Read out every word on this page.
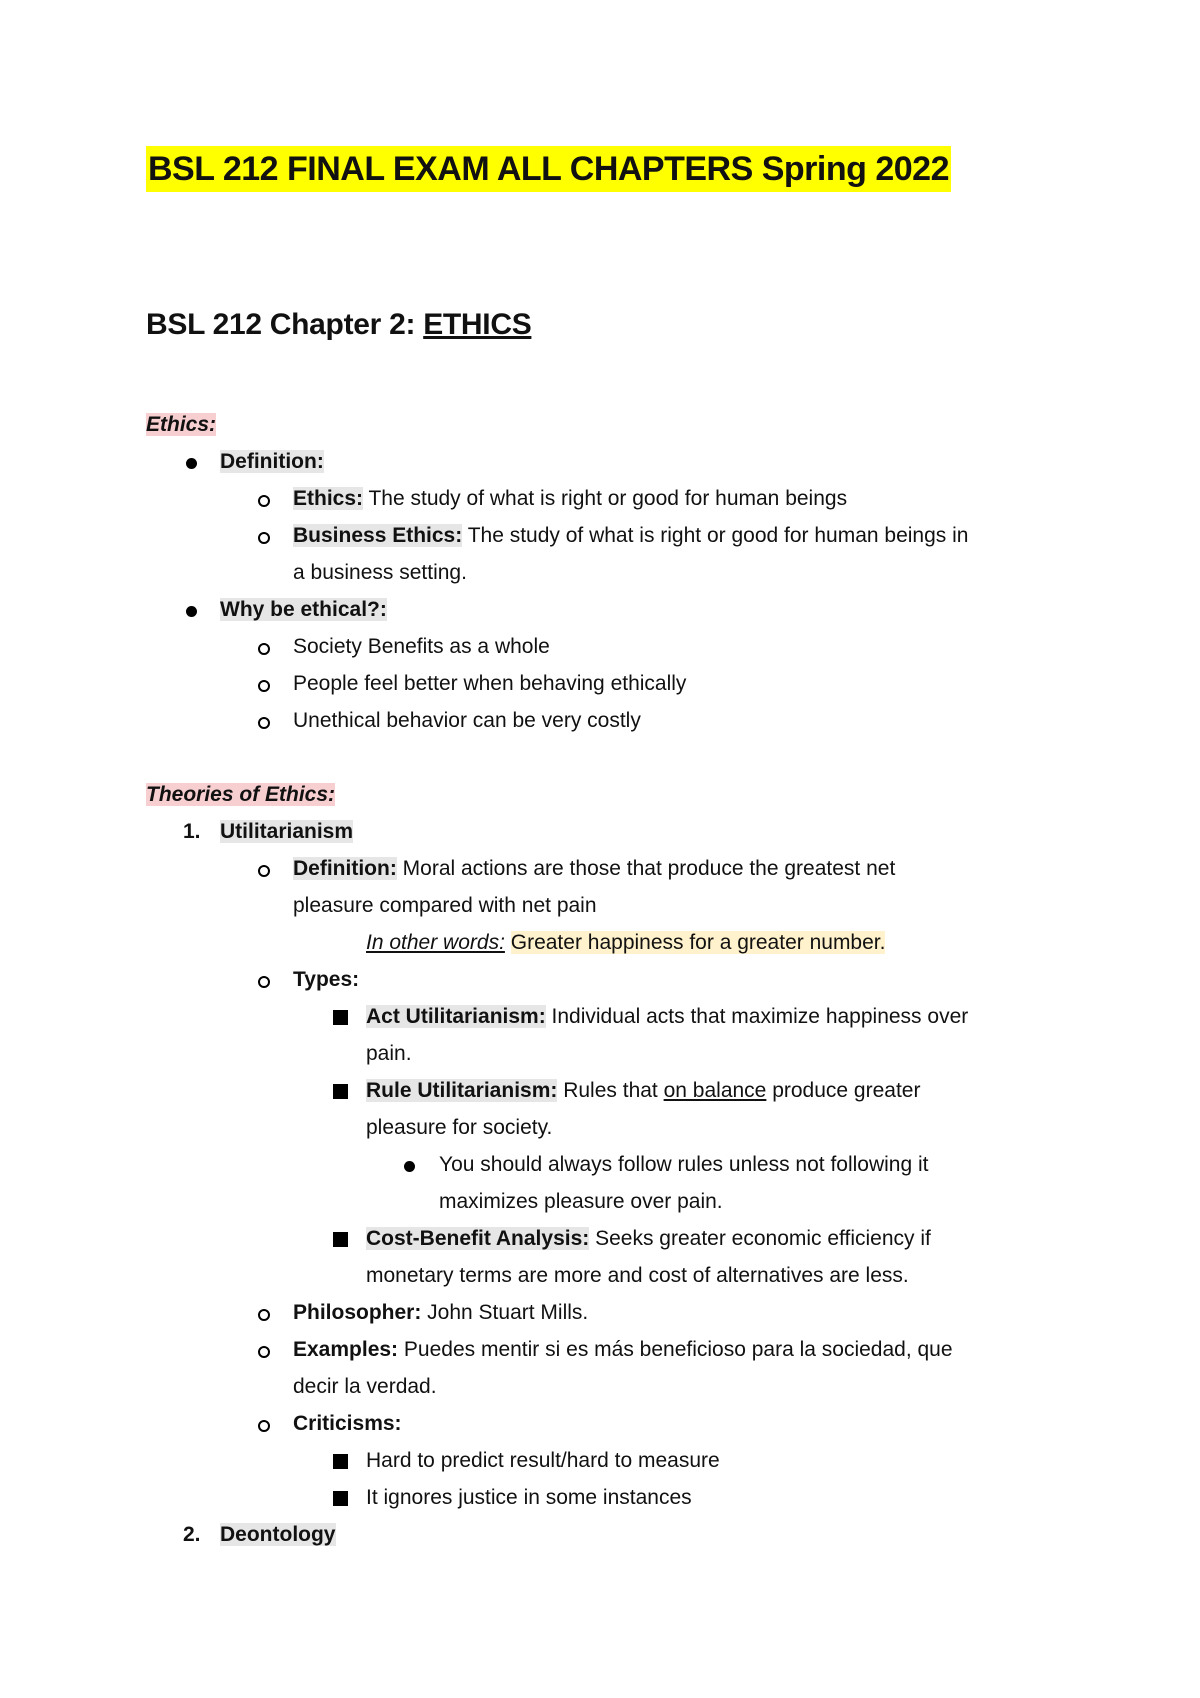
BSL 212 FINAL EXAM ALL CHAPTERS Spring 2022
BSL 212 Chapter 2: ETHICS
Ethics:
Definition:
Ethics: The study of what is right or good for human beings
Business Ethics: The study of what is right or good for human beings in
a business setting.
Why be ethical?:
Society Benefits as a whole
People feel better when behaving ethically
Unethical behavior can be very costly
Theories of Ethics:
1. Utilitarianism
Definition: Moral actions are those that produce the greatest net
pleasure compared with net pain
In other words: Greater happiness for a greater number.
Types:
Act Utilitarianism: Individual acts that maximize happiness over
pain.
Rule Utilitarianism: Rules that on balance produce greater
pleasure for society.
You should always follow rules unless not following it
maximizes pleasure over pain.
Cost-Benefit Analysis: Seeks greater economic efficiency if
monetary terms are more and cost of alternatives are less.
Philosopher: John Stuart Mills.
Examples: Puedes mentir si es más beneficioso para la sociedad, que
decir la verdad.
Criticisms:
Hard to predict result/hard to measure
It ignores justice in some instances
2. Deontology
